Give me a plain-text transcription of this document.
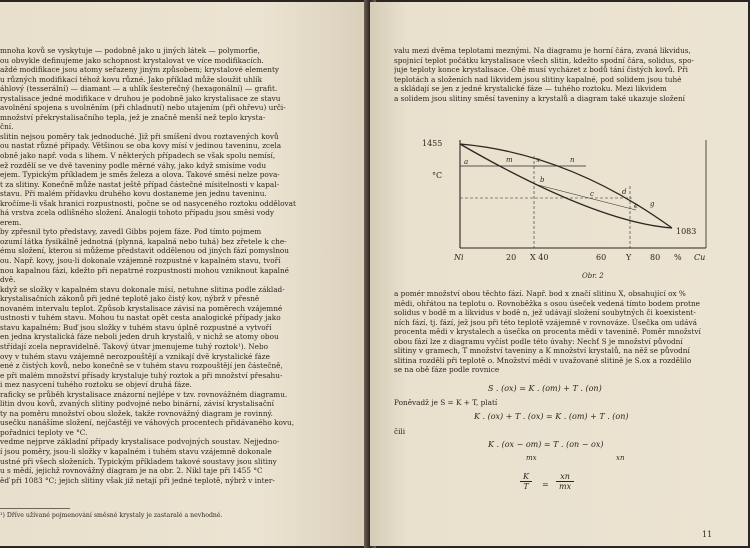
mnoha kovů se vyskytuje — podobně jako u jiných látek — polymorfie,

ou obvykle definujeme jako schopnost krystalovat ve více modifikacích.

aždé modifikace jsou atomy seřazeny jiným způsobem; krystalové elementy

u různých modifikací téhož kovu různé. Jako příklad může sloužit uhlík

áhlový (tesserální) — diamant — a uhlík šesterečný (hexagonální) — grafit.

rystalisace jedné modifikace v druhou je podobně jako krystalisace ze stavu

avolnění spojena s uvolněním (při chladnutí) nebo utajením (při ohřevu) urči-

množství překrystalisačního tepla, jež je značně menší než teplo krysta-

ční.

slitin nejsou poměry tak jednoduché. Již při smíšení dvou roztavených kovů

ou nastat různé případy. Většinou se oba kovy mísí v jedinou taveninu, zcela

obně jako např. voda s lihem. V některých případech se však spolu nemísí,

ež rozdělí se ve dvě taveniny podle měrné váhy, jako když smísíme vodu

ejem. Typickým příkladem je směs železa a olova. Takové směsi nelze pova-

t za slitiny. Konečně může nastat ještě případ částečné mísitelnosti v kapal-

stavu. Při malém přídavku druhého kovu dostaneme jen jednu taveninu.

kročíme-li však hranici rozpustnosti, počne se od nasyceného roztoku oddělovat

há vrstva zcela odlišného složení. Analogii tohoto případu jsou směsi vody

erem.

by zpřesnil tyto představy, zavedl Gibbs pojem fáze. Pod tímto pojmem

ozumí látka fysikálně jednotná (plynná, kapalná nebo tuhá) bez zřetele k che-

ému složení, kterou si můžeme představit oddělenou od jiných fází pomyslnou

ou. Např. kovy, jsou-li dokonale vzájemně rozpustné v kapalném stavu, tvoří

nou kapalnou fázi, kdežto při nepatrné rozpustnosti mohou vzniknout kapalné

dvě.

když se složky v kapalném stavu dokonale mísí, netuhne slitina podle základ-

krystalisačních zákonů při jedné teplotě jako čistý kov, nýbrž v přesně

novaném intervalu teplot. Způsob krystalisace závisí na poměrech vzájemné

ustnosti v tuhém stavu. Mohou tu nastat opět cesta analogické případy jako

stavu kapalném: Buď jsou složky v tuhém stavu úplně rozpustné a vytvoří

en jedna krystalická fáze neboli jeden druh krystalů, v nichž se atomy obou

střídají zcela nepravidelně. Takový útvar jmenujeme tuhý roztok¹). Nebo

ovy v tuhém stavu vzájemně nerozpouštějí a vznikají dvě krystalické fáze

ené z čistých kovů, nebo konečně se v tuhém stavu rozpouštějí jen částečně,

e při malém množství přísady krystaluje tuhý roztok a při množství přesahu-

i mez nasycení tuhého roztoku se objeví druhá fáze.

raficky se průběh krystalisace znázorní nejlépe v tzv. rovnovážném diagramu.

litin dvou kovů, zvaných slitiny podvojné nebo binární, závisí krystalisační

ty na poměru množství obou složek, takže rovnovážný diagram je rovinný.

usečku nanášíme složení, nejčastěji ve váhových procentech přidávaného kovu,

pořadnici teploty ve °C.

vedme nejprve základní případy krystalisace podvojných soustav. Nejjedno-

í jsou poměry, jsou-li složky v kapalném i tuhém stavu vzájemně dokonale

ustné při všech složeních. Typickým příkladem takové soustavy jsou slitiny

u s mědí, jejichž rovnovážný diagram je na obr. 2. Nikl taje při 1455 °C

ěď při 1083 °C; jejich slitiny však již netají při jedné teplotě, nýbrž v inter-

¹) Dříve užívané pojmenování směsné krystaly je zastaralé a nevhodné.

valu mezi dvěma teplotami meznými. Na diagramu je horní čára, zvaná likvidus,

spojnicí teplot počátku krystalisace všech slitin, kdežto spodní čára, solidus, spo-

juje teploty konce krystalisace. Obě musí vycházet z bodů tání čistých kovů. Při

teplotách a složeních nad likvidem jsou slitiny kapalné, pod solidem jsou tuhé

a skládají se jen z jedné krystalické fáze — tuhého roztoku. Mezi likvidem

a solidem jsou slitiny směsí taveniny a krystalů a diagram také ukazuje složení

1455
1083
°C
a	m	x	n
b
c	d
e g
Ni	20 X 40	60 Y 80 % Cu
Obr. 2

a pomér množství obou těchto fází. Např. bod x značí slitinu X, obsahující ox %

mědi, ohřátou na teplotu o. Rovnoběžka s osou úseček vedená tímto bodem protne

solidus v bodě m a likvidus v bodě n, jež udávají složení soubytných či koexistent-

ních fází, tj. fází, jež jsou při této teplotě vzájemně v rovnováze. Úsečka om udává

procenta mědi v krystalech a úsečka on procenta mědi v tavenině. Poměr množství

obou fází lze z diagramu vyčíst podle této úvahy: Nechť S je množství původní

slitiny v gramech, T množství taveniny a K množství krystalů, na něž se původní

slitina rozdělí při teplotě o. Množství mědi v uvažované slitině je S.ox a rozdělilo

se na obě fáze podle rovnice

S . (ox) = K . (om) + T . (on)
Poněvadž je S = K + T, platí
K . (ox) + T . (ox) = K . (om) + T . (on)
čili
K . (ox − om) = T . (on − ox)
mx	xn
$\frac{K}{T} = \frac{xn}{mx}$
11
